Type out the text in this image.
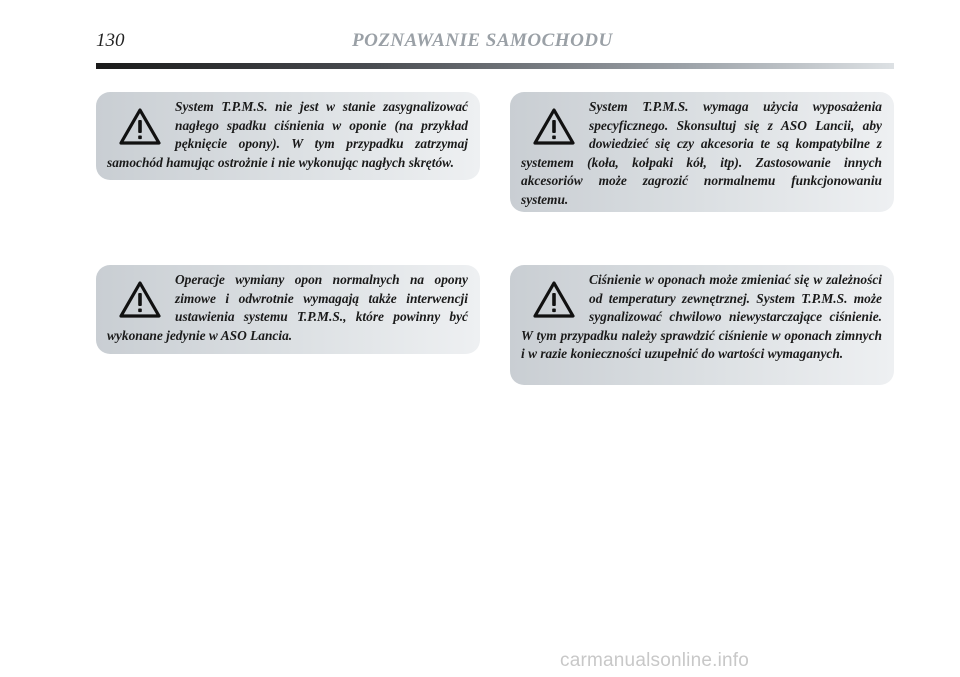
130	POZNAWANIE SAMOCHODU
System T.P.M.S. nie jest w stanie zasygnalizować nagłego spadku ciśnienia w oponie (na przykład pęknięcie opony). W tym przypadku zatrzymaj samochód hamując ostrożnie i nie wykonując nagłych skrętów.
System T.P.M.S. wymaga użycia wyposażenia specyficznego. Skonsultuj się z ASO Lancii, aby dowiedzieć się czy akcesoria te są kompatybilne z systemem (koła, kołpaki kół, itp). Zastosowanie innych akcesoriów może zagrozić normalnemu funkcjonowaniu systemu.
Operacje wymiany opon normalnych na opony zimowe i odwrotnie wymagają także interwencji ustawienia systemu T.P.M.S., które powinny być wykonane jedynie w ASO Lancia.
Ciśnienie w oponach może zmieniać się w zależności od temperatury zewnętrznej. System T.P.M.S. może sygnalizować chwilowo niewystarczające ciśnienie. W tym przypadku należy sprawdzić ciśnienie w oponach zimnych i w razie konieczności uzupełnić do wartości wymaganych.
carmanualsonline.info
